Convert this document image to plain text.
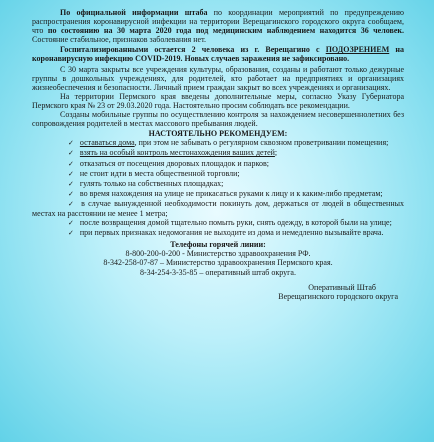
По официальной информации штаба по координации мероприятий по предупреждению распространения коронавирусной инфекции на территории Верещагинского городского округа сообщаем, что по состоянию на 30 марта 2020 года под медицинским наблюдением находится 36 человек. Состояние стабильное, признаков заболевания нет.

Госпитализированными остается 2 человека из г. Верещагино с ПОДОЗРЕНИЕМ на коронавирусную инфекцию COVID-2019. Новых случаев заражения не зафиксировано.

С 30 марта закрыты все учреждения культуры, образования, созданы и работают только дежурные группы в дошкольных учреждениях, для родителей, кто работает на предприятиях и организациях жизнеобеспечения и безопасности. Личный прием граждан закрыт во всех учреждениях и организациях.

На территории Пермского края введены дополнительные меры, согласно Указу Губернатора Пермского края № 23 от 29.03.2020 года. Настоятельно просим соблюдать все рекомендации.

Созданы мобильные группы по осуществлению контроля за нахождением несовершеннолетних без сопровождения родителей в местах массового пребывания людей.

НАСТОЯТЕЛЬНО РЕКОМЕНДУЕМ:

✓ оставаться дома, при этом не забывать о регулярном сквозном проветривании помещения;

✓ взять на особый контроль местонахождения ваших детей;

✓ отказаться от посещения дворовых площадок и парков;

✓ не стоит идти в места общественной торговли;

✓ гулять только на собственных площадках;

✓ во время нахождения на улице не прикасаться руками к лицу и к каким-либо предметам;

✓ в случае вынужденной необходимости покинуть дом, держаться от людей в общественных местах на расстоянии не менее 1 метра;

✓ после возвращения домой тщательно помыть руки, снять одежду, в которой были на улице;

✓ при первых признаках недомогания не выходите из дома и немедленно вызывайте врача.

Телефоны горячей линии:

8-800-200-0-200 - Министерство здравоохранения РФ.

8-342-258-07-87 – Министерство здравоохранения Пермского края.

8-34-254-3-35-85 – оперативный штаб округа.

Оперативный Штаб

Верещагинского городского округа
